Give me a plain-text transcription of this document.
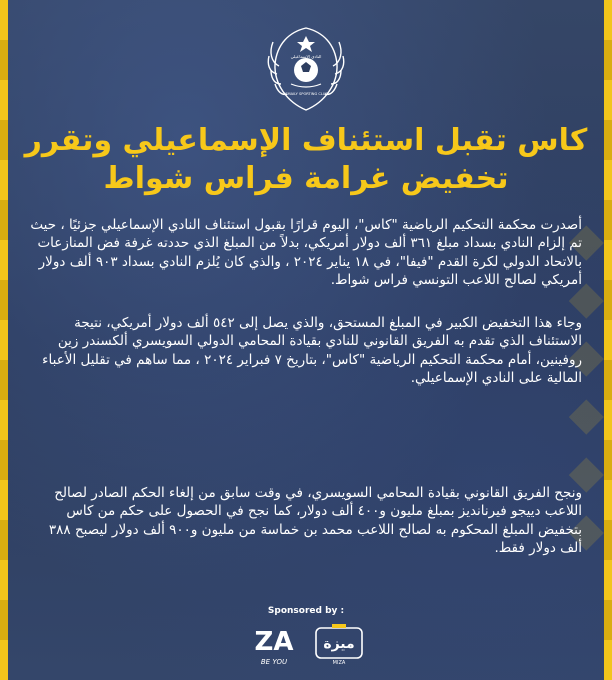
◆
◆
◆
◆
◆
◆
النادي الإسماعيلي
ISMAILY SPORTING CLUB
كاس تقبل استئناف الإسماعيلي وتقرر
تخفيض غرامة فراس شواط
أصدرت محكمة التحكيم الرياضية "كاس"، اليوم قرارًا بقبول استئناف النادي الإسماعيلي جزئيًا ، حيث تم إلزام النادي بسداد مبلغ ٣٦١ ألف دولار أمريكي، بدلاً من المبلغ الذي حددته غرفة فض المنازعات بالاتحاد الدولي لكرة القدم "فيفا"، في ١٨ يناير ٢٠٢٤ ، والذي كان يُلزم النادي بسداد ٩٠٣ ألف دولار أمريكي لصالح اللاعب التونسي فراس شواط.
وجاء هذا التخفيض الكبير في المبلغ المستحق، والذي يصل إلى ٥٤٢ ألف دولار أمريكي، نتيجة الاستئناف الذي تقدم به الفريق القانوني للنادي بقيادة المحامي الدولي السويسري ألكسندر زين روفينين، أمام محكمة التحكيم الرياضية "كاس"، بتاريخ ٧ فبراير ٢٠٢٤ ، مما ساهم في تقليل الأعباء المالية على النادي الإسماعيلي.
ونجح الفريق القانوني بقيادة المحامي السويسري، في وقت سابق من إلغاء الحكم الصادر لصالح اللاعب دييجو فيرنانديز بمبلغ مليون و٤٠٠ ألف دولار، كما نجح في الحصول على حكم من كاس بتخفيض المبلغ المحكوم به لصالح اللاعب محمد بن خماسة من مليون و٩٠٠ ألف دولار ليصبح ٣٨٨ ألف دولار فقط.
Sponsored by :
ZA
BE YOU
ميزة
MIZA
